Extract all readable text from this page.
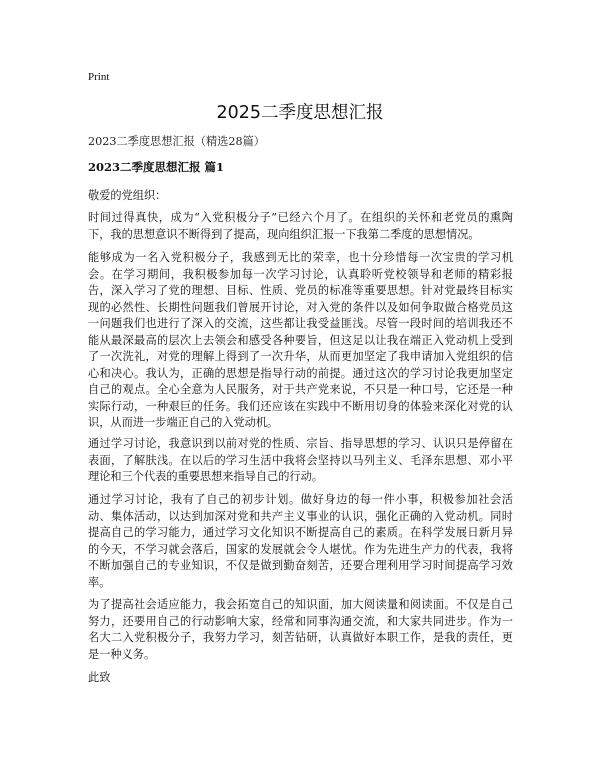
Print
2025二季度思想汇报
2023二季度思想汇报（精选28篇）
2023二季度思想汇报 篇1
敬爱的党组织：

时间过得真快，成为“入党积极分子”已经六个月了。在组织的关怀和老党员的熏陶下，我的思想意识不断得到了提高，现向组织汇报一下我第二季度的思想情况。

能够成为一名入党积极分子，我感到无比的荣幸，也十分珍惜每一次宝贵的学习机会。在学习期间，我积极参加每一次学习讨论，认真聆听党校领导和老师的精彩报告，深入学习了党的理想、目标、性质、党员的标准等重要思想。针对党最终目标实现的必然性、长期性问题我们曾展开讨论，对入党的条件以及如何争取做合格党员这一问题我们也进行了深入的交流，这些都让我受益匪浅。尽管一段时间的培训我还不能从最深最高的层次上去领会和感受各种要旨，但这足以让我在端正入党动机上受到了一次洗礼，对党的理解上得到了一次升华，从而更加坚定了我申请加入党组织的信心和决心。我认为，正确的思想是指导行动的前提。通过这次的学习讨论我更加坚定自己的观点。全心全意为人民服务，对于共产党来说，不只是一种口号，它还是一种实际行动，一种艰巨的任务。我们还应该在实践中不断用切身的体验来深化对党的认识，从而进一步端正自己的入党动机。

通过学习讨论，我意识到以前对党的性质、宗旨、指导思想的学习、认识只是停留在表面，了解肤浅。在以后的学习生活中我将会坚持以马列主义、毛泽东思想、邓小平理论和三个代表的重要思想来指导自己的行动。

通过学习讨论，我有了自己的初步计划。做好身边的每一件小事，积极参加社会活动、集体活动，以达到加深对党和共产主义事业的认识，强化正确的入党动机。同时提高自己的学习能力，通过学习文化知识不断提高自己的素质。在科学发展日新月异的今天，不学习就会落后，国家的发展就会令人堪忧。作为先进生产力的代表，我将不断加强自己的专业知识，不仅是做到勤奋刻苦，还要合理利用学习时间提高学习效率。

为了提高社会适应能力，我会拓宽自己的知识面，加大阅读量和阅读面。不仅是自己努力，还要用自己的行动影响大家，经常和同事沟通交流，和大家共同进步。作为一名大二入党积极分子，我努力学习，刻苦钻研，认真做好本职工作，是我的责任，更是一种义务。

此致
